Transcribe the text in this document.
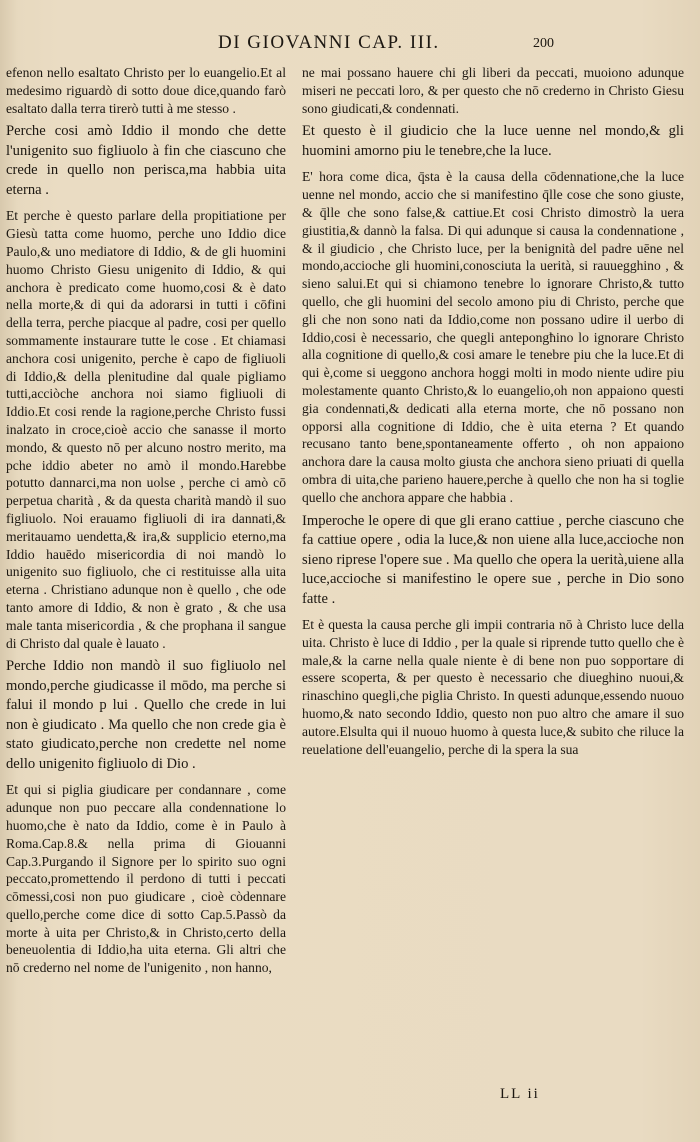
DI GIOVANNI CAP. III.	200

efenon nello esaltato Christo per lo euangelio.Et al medesimo riguardò di sotto doue dice,quando farò esaltato dalla terra tirerò tutti à me stesso .

Perche cosi amò Iddio il mondo che dette l'unigenito suo figliuolo à fin che ciascuno che crede in quello non perisca,ma habbia uita eterna .

Et perche è questo parlare della propitiatione per Giesù tatta come huomo, perche uno Iddio dice Paulo,& uno mediatore di Iddio, & de gli huomini huomo Christo Giesu unigenito di Iddio, & qui anchora è predicato come huomo,cosi & è dato nella morte,& di qui da adorarsi in tutti i cōfini della terra, perche piacque al padre, cosi per quello sommamente instaurare tutte le cose . Et chiamasi anchora cosi unigenito, perche è capo de figliuoli di Iddio,& della plenitudine dal quale pigliamo tutti,acciòche anchora noi siamo figliuoli di Iddio.Et cosi rende la ragione,perche Christo fussi inalzato in croce,cioè accio che sanasse il morto mondo, & questo nō per alcuno nostro merito, ma pche iddio abeter no amò il mondo.Harebbe potutto dannarci,ma non uolse , perche ci amò cō perpetua charità , & da questa charità mandò il suo figliuolo. Noi erauamo figliuoli di ira dannati,& meritauamo uendetta,& ira,& supplicio eterno,ma Iddio hauēdo misericordia di noi mandò lo unigenito suo figliuolo, che ci restituisse alla uita eterna . Christiano adunque non è quello , che ode tanto amore di Iddio, & non è grato , & che usa male tanta misericordia , & che prophana il sangue di Christo dal quale è lauato .

Perche Iddio non mandò il suo figliuolo nel mondo,perche giudicasse il mōdo, ma perche si falui il mondo p lui . Quello che crede in lui non è giudicato . Ma quello che non crede gia è stato giudicato,perche non credette nel nome dello unigenito figliuolo di Dio .

Et qui si piglia giudicare per condannare , come adunque non puo peccare alla condennatione lo huomo,che è nato da Iddio, come è in Paulo à Roma.Cap.8.& nella prima di Giouanni Cap.3.Purgando il Signore per lo spirito suo ogni peccato,promettendo il perdono di tutti i peccati cōmessi,cosi non puo giudicare , cioè còdennare quello,perche come dice di sotto Cap.5.Passò da morte à uita per Christo,& in Christo,certo della beneuolentia di Iddio,ha uita eterna. Gli altri che nō crederno nel nome de l'unigenito , non hanno,

ne mai possano hauere chi gli liberi da peccati, muoiono adunque miseri ne peccati loro, & per questo che nō crederno in Christo Giesu sono giudicati,& condennati.

Et questo è il giudicio che la luce uenne nel mondo,& gli huomini amorno piu le tenebre,che la luce.

E' hora come dica, q̄sta è la causa della cōdennatione,che la luce uenne nel mondo, accio che si manifestino q̄lle cose che sono giuste, & q̄lle che sono false,& cattiue.Et cosi Christo dimostrò la uera giustitia,& dannò la falsa. Di qui adunque si causa la condennatione , & il giudicio , che Christo luce, per la benignità del padre uēne nel mondo,accioche gli huomini,conosciuta la uerità, si rauuegghino , & sieno salui.Et qui si chiamono tenebre lo ignorare Christo,& tutto quello, che gli huomini del secolo amono piu di Christo, perche que gli che non sono nati da Iddio,come non possano udire il uerbo di Iddio,cosi è necessario, che quegli antepongħino lo ignorare Christo alla cognitione di quello,& cosi amare le tenebre piu che la luce.Et di qui è,come si ueggono anchora hoggi molti in modo niente udire piu molestamente quanto Christo,& lo euangelio,oh non appaiono questi gia condennati,& dedicati alla eterna morte, che nō possano non opporsi alla cognitione di Iddio, che è uita eterna ? Et quando recusano tanto bene,spontaneamente offerto , oh non appaiono anchora dare la causa molto giusta che anchora sieno priuati di quella ombra di uita,che parieno hauere,perche à quello che non ha si toglie quello che anchora appare che habbia .

Imperoche le opere di que gli erano cattiue , perche ciascuno che fa cattiue opere , odia la luce,& non uiene alla luce,accioche non sieno riprese l'opere sue . Ma quello che opera la uerità,uiene alla luce,accioche si manifestino le opere sue , perche in Dio sono fatte .

Et è questa la causa perche gli impii contraria nō à Christo luce della uita. Christo è luce di Iddio , per la quale si riprende tutto quello che è male,& la carne nella quale niente è di bene non puo sopportare di essere scoperta, & per questo è necessario che diueghino nuoui,& rinaschino quegli,che piglia Christo. In questi adunque,essendo nuouo huomo,& nato secondo Iddio, questo non puo altro che amare il suo autore.Elsulta qui il nuouo huomo à questa luce,& subito che riluce la reuelatione dell'euangelio, perche di la spera la sua

LL ii
